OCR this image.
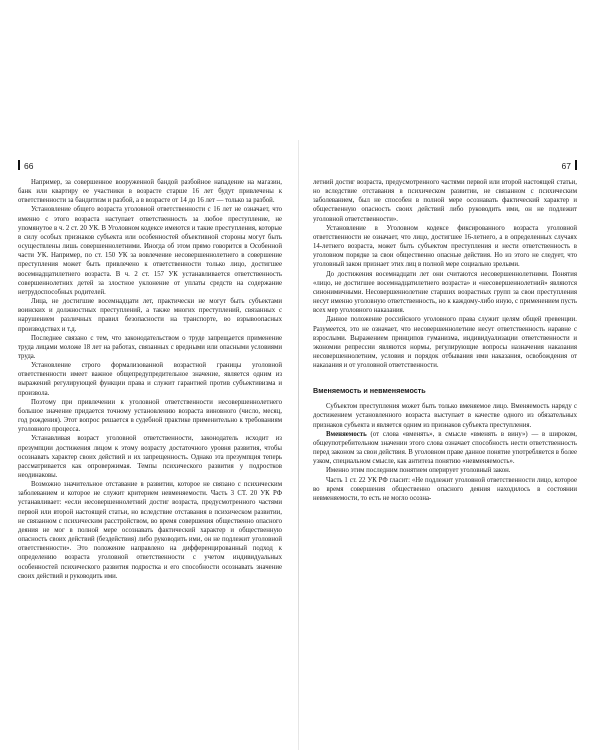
66

Например, за совершенное вооруженной бандой разбойное нападение на магазин, банк или квартиру ее участники в возрасте старше 16 лет будут привлечены к ответственности за бандитизм и разбой, а в возрасте от 14 до 16 лет — только за разбой.

Установление общего возраста уголовной ответственности с 16 лет не означает, что именно с этого возраста наступает ответственность за любое преступление, не упомянутое в ч. 2 ст. 20 УК. В Уголовном кодексе имеются и такие преступления, которые в силу особых признаков субъекта или особенностей объективной стороны могут быть осуществлены лишь совершеннолетними. Иногда об этом прямо говорится в Особенной части УК. Например, по ст. 150 УК за вовлечение несовершеннолетнего в совершение преступления может быть привлечено к ответственности только лицо, достигшее восемнадцатилетнего возраста. В ч. 2 ст. 157 УК устанавливается ответственность совершеннолетних детей за злостное уклонение от уплаты средств на содержание нетрудоспособных родителей.

Лица, не достигшие восемнадцати лет, практически не могут быть субъектами воинских и должностных преступлений, а также многих преступлений, связанных с нарушением различных правил безопасности на транспорте, во взрывоопасных производствах и т.д.

Последнее связано с тем, что законодательством о труде запрещается применение труда лицами моложе 18 лет на работах, связанных с вредными или опасными условиями труда.

Установление строго формализованной возрастной границы уголовной ответственности имеет важное общепредупредительное значение, является одним из выражений регулирующей функции права и служит гарантией против субъективизма и произвола.

Поэтому при привлечении к уголовной ответственности несовершеннолетнего большое значение придается точному установлению возраста виновного (число, месяц, год рождения). Этот вопрос решается в судебной практике применительно к требованиям уголовного процесса.

Устанавливая возраст уголовной ответственности, законодатель исходит из презумпции достижения лицом к этому возрасту достаточного уровня развития, чтобы осознавать характер своих действий и их запрещенность. Однако эта презумпция теперь рассматривается как опровержимая. Темпы психического развития у подростков неодинаковы.

Возможно значительное отставание в развитии, которое не связано с психическим заболеванием и которое не служит критерием невменяемости. Часть 3 СТ. 20 УК РФ устанавливает: «если несовершеннолетний достиг возраста, предусмотренного частями первой или второй настоящей статьи, но вследствие отставания в психическом развитии, не связанном с психическим расстройством, во время совершения общественно опасного деяния не мог в полной мере осознавать фактический характер и общественную опасность своих действий (бездействия) либо руководить ими, он не подлежит уголовной ответственности». Это положение направлено на дифференцированный подход к определению возраста уголовной ответственности с учетом индивидуальных особенностей психического развития подростка и его способности осознавать значение своих действий и руководить ими.

67

летний достиг возраста, предусмотренного частями первой или второй настоящей статьи, но вследствие отставания в психическом развитии, не связанном с психическим заболеванием, был не способен в полной мере осознавать фактический характер и общественную опасность своих действий либо руководить ими, он не подлежит уголовной ответственности».

Установление в Уголовном кодексе фиксированного возраста уголовной ответственности не означает, что лицо, достигшее 16-летнего, а в определенных случаях 14-летнего возраста, может быть субъектом преступления и нести ответственность в уголовном порядке за свои общественно опасные действия. Но из этого не следует, что уголовный закон признает этих лиц в полной мере социально зрелыми.

До достижения восемнадцати лет они считаются несовершеннолетними. Понятия «лицо, не достигшее восемнадцатилетнего возраста» и «несовершеннолетний» являются синонимичными. Несовершеннолетние старших возрастных групп за свои преступления несут именно уголовную ответственность, но к каждому-либо иную, с применением пусть всех мер уголовного наказания.

Данное положение российского уголовного права служит целям общей превенции. Разумеется, это не означает, что несовершеннолетние несут ответственность наравне с взрослыми. Выражением принципов гуманизма, индивидуализации ответственности и экономии репрессии являются нормы, регулирующие вопросы назначения наказания несовершеннолетним, условия и порядок отбывания ими наказания, освобождения от наказания и от уголовной ответственности.

Вменяемость и невменяемость

Субъектом преступления может быть только вменяемое лицо. Вменяемость наряду с достижением установленного возраста выступает в качестве одного из обязательных признаков субъекта и является одним из признаков субъекта преступления.

Вменяемость (от слова «вменять», в смысле «вменять в вину») — в широком, общеупотребительном значении этого слова означает способность нести ответственность перед законом за свои действия. В уголовном праве данное понятие употребляется в более узком, специальном смысле, как антитеза понятию «невменяемость».

Именно этим последним понятием оперирует уголовный закон.

Часть 1 ст. 22 УК РФ гласит: «Не подлежит уголовной ответственности лицо, которое во время совершения общественно опасного деяния находилось в состоянии невменяемости, то есть не могло осозна-
